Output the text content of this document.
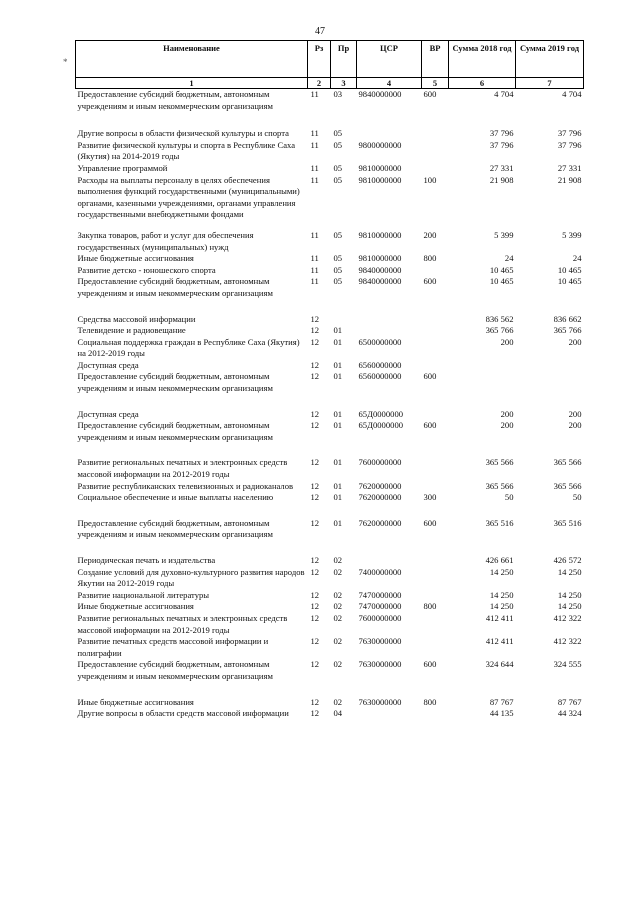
47
*
Наименование	Рз	Пр	ЦСР	ВР	Сумма 2018 год	Сумма 2019 год
1	2	3	4	5	6	7
Предоставление субсидий бюджетным, автономным учреждениям и иным некоммерческим организациям	11	03	9840000000	600	4 704	4 704
Другие вопросы в области физической культуры и спорта	11	05			37 796	37 796
Развитие физической культуры и спорта в Республике Саха (Якутия) на 2014-2019 годы	11	05	9800000000		37 796	37 796
Управление программой	11	05	9810000000		27 331	27 331
Расходы на выплаты персоналу в целях обеспечения выполнения функций государственными (муниципальными) органами, казенными учреждениями, органами управления государственными внебюджетными фондами	11	05	9810000000	100	21 908	21 908
Закупка товаров, работ и услуг для обеспечения государственных (муниципальных) нужд	11	05	9810000000	200	5 399	5 399
Иные бюджетные ассигнования	11	05	9810000000	800	24	24
Развитие детско - юношеского спорта	11	05	9840000000		10 465	10 465
Предоставление субсидий бюджетным, автономным учреждениям и иным некоммерческим организациям	11	05	9840000000	600	10 465	10 465
Средства массовой информации	12				836 562	836 662
Телевидение и радиовещание	12	01			365 766	365 766
Социальная поддержка граждан в Республике Саха (Якутия) на 2012-2019 годы	12	01	6500000000		200	200
Доступная среда	12	01	6560000000			
Предоставление субсидий бюджетным, автономным учреждениям и иным некоммерческим организациям	12	01	6560000000	600		
Доступная среда	12	01	65Д0000000		200	200
Предоставление субсидий бюджетным, автономным учреждениям и иным некоммерческим организациям	12	01	65Д0000000	600	200	200
Развитие региональных печатных и электронных средств массовой информации на 2012-2019 годы	12	01	7600000000		365 566	365 566
Развитие республиканских телевизионных и радиоканалов	12	01	7620000000		365 566	365 566
Социальное обеспечение и иные выплаты населению	12	01	7620000000	300	50	50
Предоставление субсидий бюджетным, автономным учреждениям и иным некоммерческим организациям	12	01	7620000000	600	365 516	365 516
Периодическая печать и издательства	12	02			426 661	426 572
Создание условий для духовно-культурного развития народов Якутии на 2012-2019 годы	12	02	7400000000		14 250	14 250
Развитие национальной литературы	12	02	7470000000		14 250	14 250
Иные бюджетные ассигнования	12	02	7470000000	800	14 250	14 250
Развитие региональных печатных и электронных средств массовой информации на 2012-2019 годы	12	02	7600000000		412 411	412 322
Развитие печатных средств массовой информации и полиграфии	12	02	7630000000		412 411	412 322
Предоставление субсидий бюджетным, автономным учреждениям и иным некоммерческим организациям	12	02	7630000000	600	324 644	324 555
Иные бюджетные ассигнования	12	02	7630000000	800	87 767	87 767
Другие вопросы в области средств массовой информации	12	04			44 135	44 324
